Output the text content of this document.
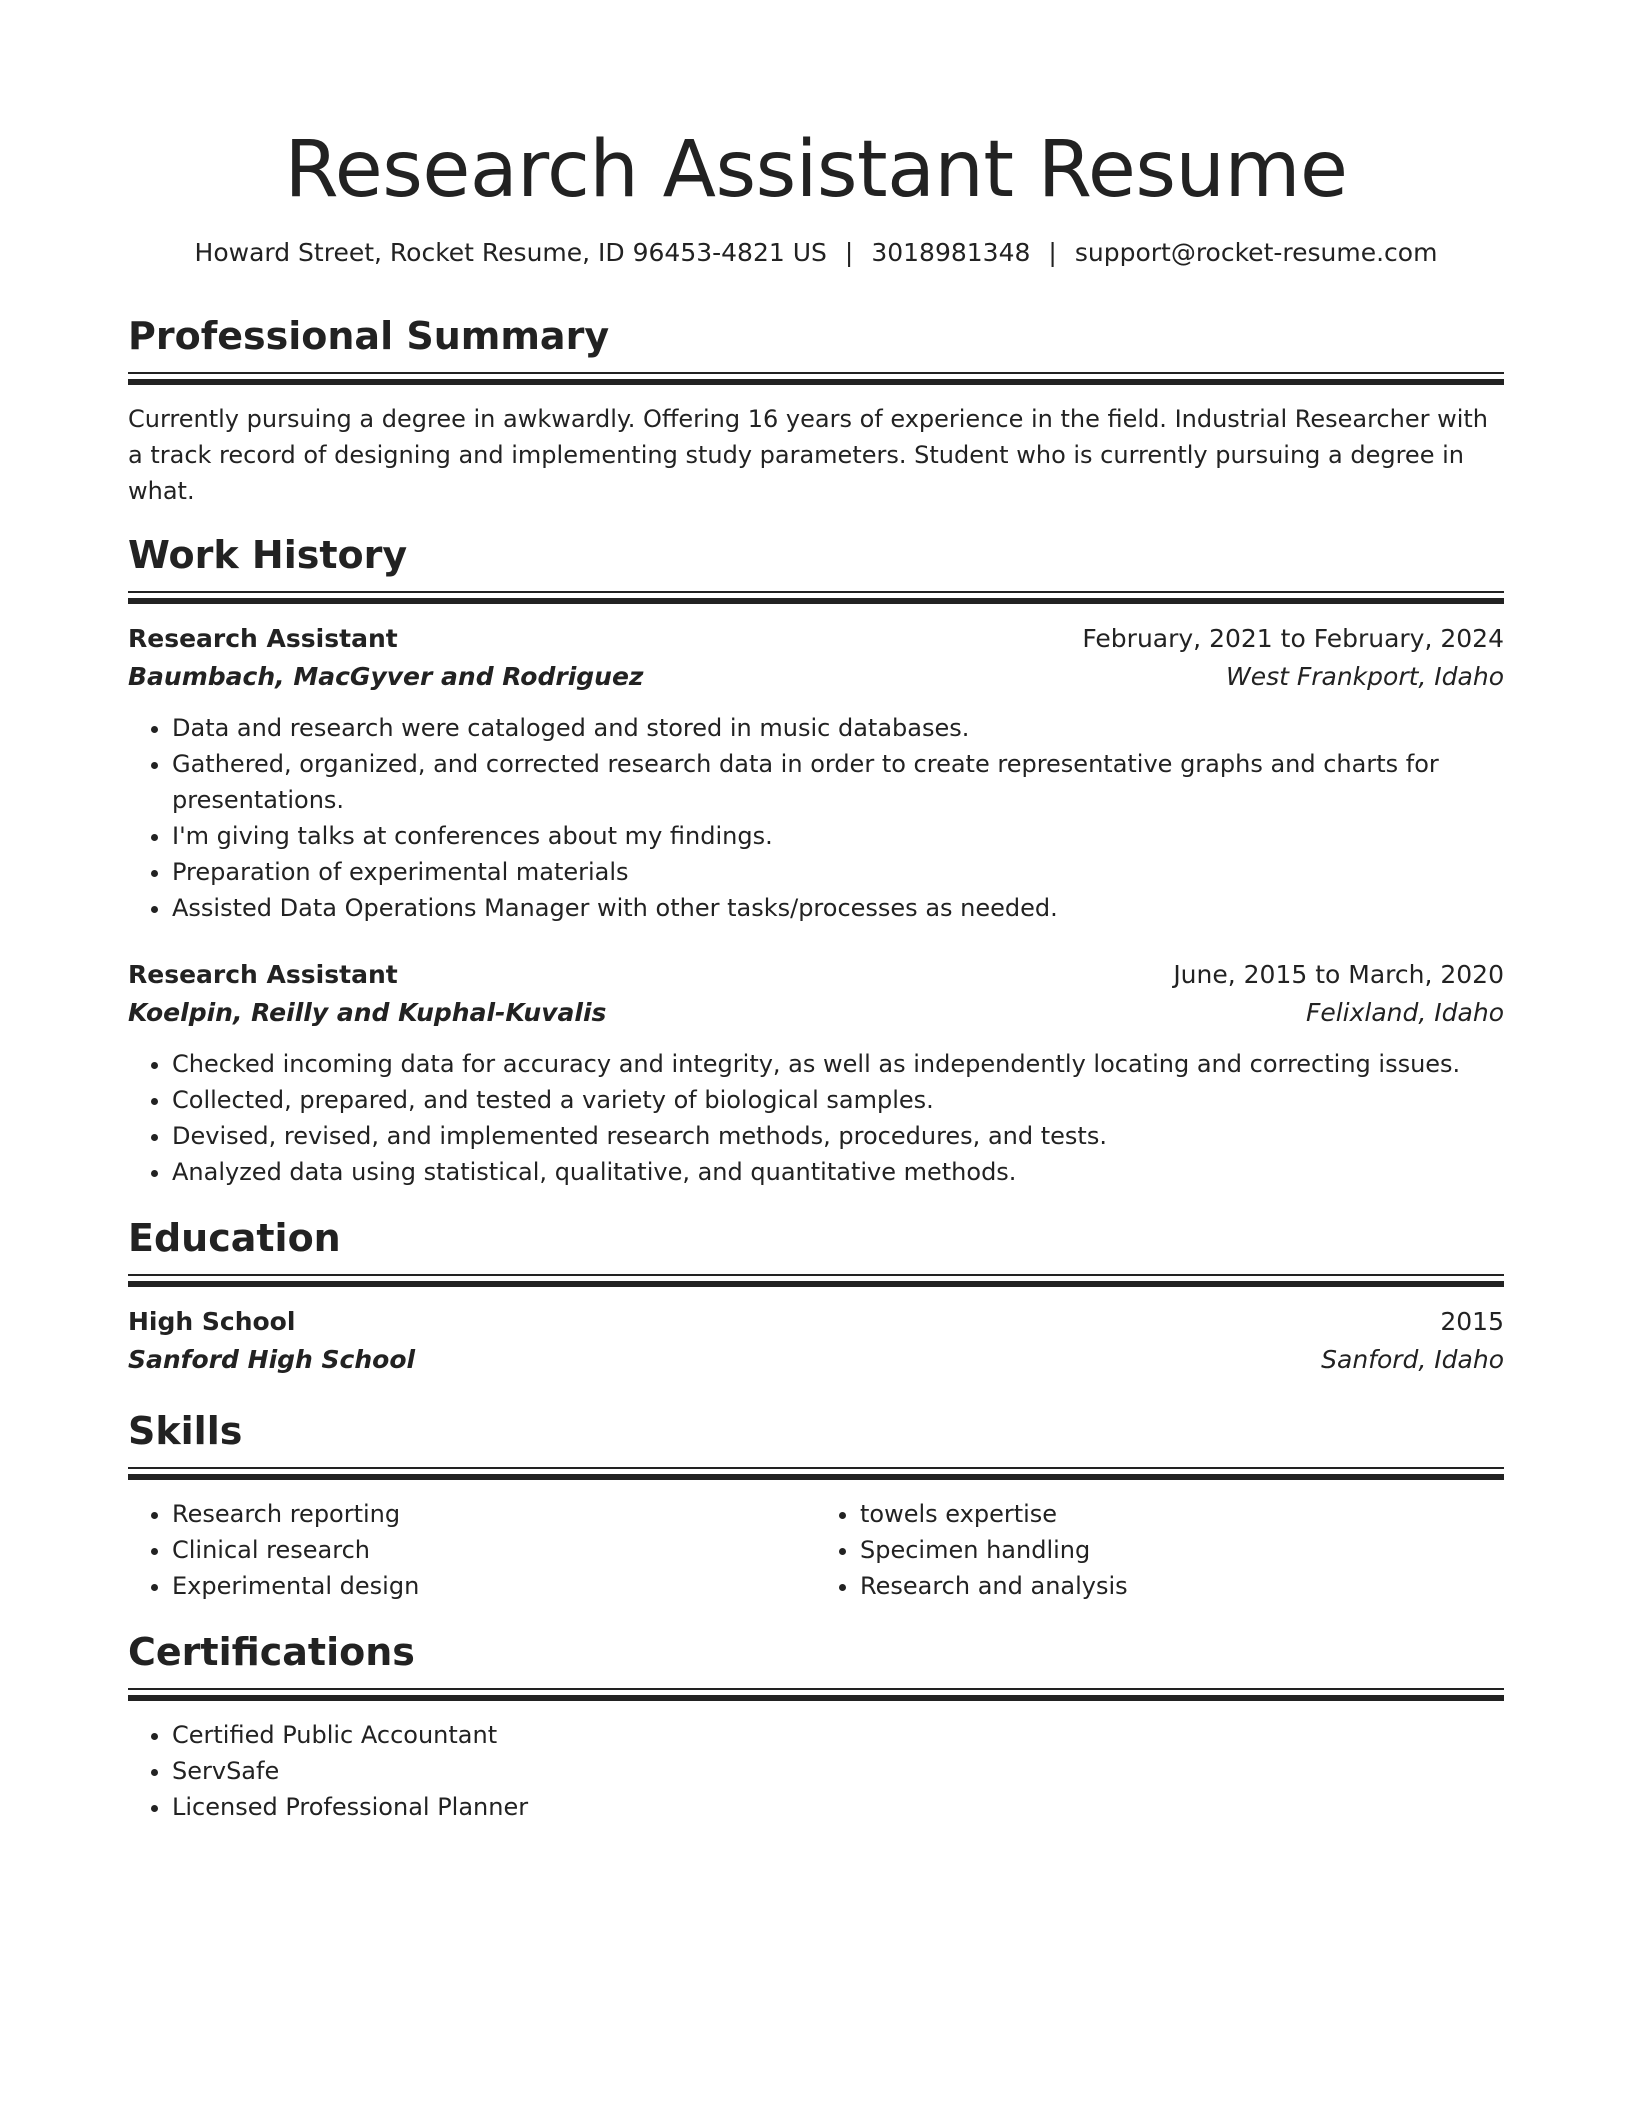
Research Assistant Resume
Howard Street, Rocket Resume, ID 96453-4821 US | 3018981348 | support@rocket-resume.com
Professional Summary
Currently pursuing a degree in awkwardly. Offering 16 years of experience in the field. Industrial Researcher with a track record of designing and implementing study parameters. Student who is currently pursuing a degree in what.
Work History
Research Assistant	February, 2021 to February, 2024
Baumbach, MacGyver and Rodriguez	West Frankport, Idaho
• Data and research were cataloged and stored in music databases.
• Gathered, organized, and corrected research data in order to create representative graphs and charts for presentations.
• I'm giving talks at conferences about my findings.
• Preparation of experimental materials
• Assisted Data Operations Manager with other tasks/processes as needed.
Research Assistant	June, 2015 to March, 2020
Koelpin, Reilly and Kuphal-Kuvalis	Felixland, Idaho
• Checked incoming data for accuracy and integrity, as well as independently locating and correcting issues.
• Collected, prepared, and tested a variety of biological samples.
• Devised, revised, and implemented research methods, procedures, and tests.
• Analyzed data using statistical, qualitative, and quantitative methods.
Education
High School	2015
Sanford High School	Sanford, Idaho
Skills
• Research reporting
• Clinical research
• Experimental design
• towels expertise
• Specimen handling
• Research and analysis
Certifications
• Certified Public Accountant
• ServSafe
• Licensed Professional Planner
